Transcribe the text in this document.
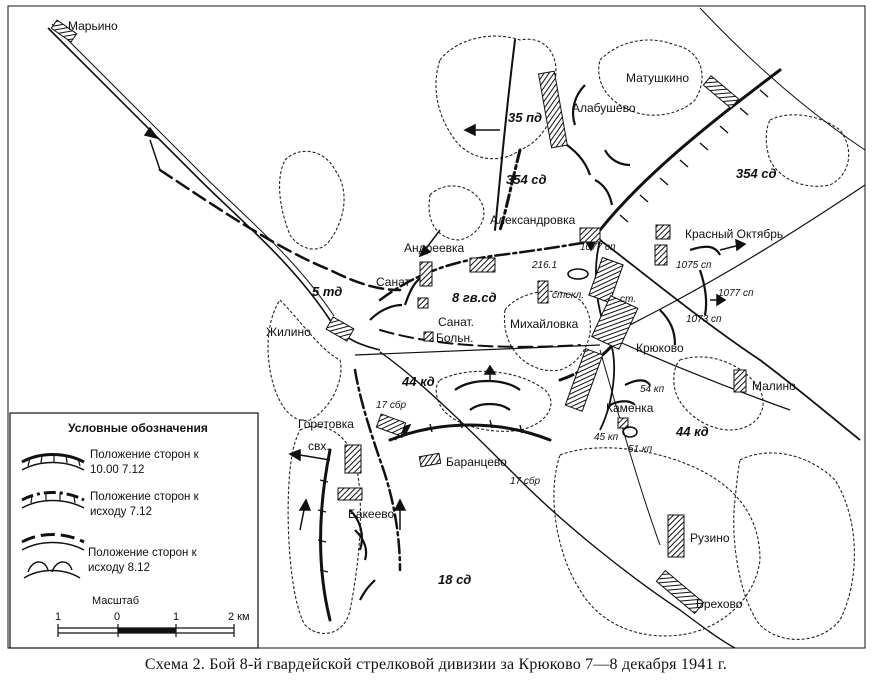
Марьино
Матушкино
Алабушево
Александровка
Красный Октябрь
Андреевка
Санат
Санат.
Больн.
Михайловка
Крюково
Жилино
Малино
Каменка
Горетовка
свх.
Баранцево
Бакеево
Рузино
Брехово
стекл.	ст.
216.1
35 пд
354 сд	354 сд
1077 сп
1075 сп
1077 сп
1073 сп
8 гв.сд
5 тд
44 кд
44 кд
17 сбр
17 сбр
54 кп
45 кп
51 кп
18 сд
Условные обозначения
Положение сторон к
10.00 7.12
Положение сторон к
исходу 7.12
Положение сторон к
исходу 8.12
Масштаб
1	0	1	2 км
Схема 2. Бой 8-й гвардейской стрелковой дивизии за Крюково 7—8 декабря 1941 г.
